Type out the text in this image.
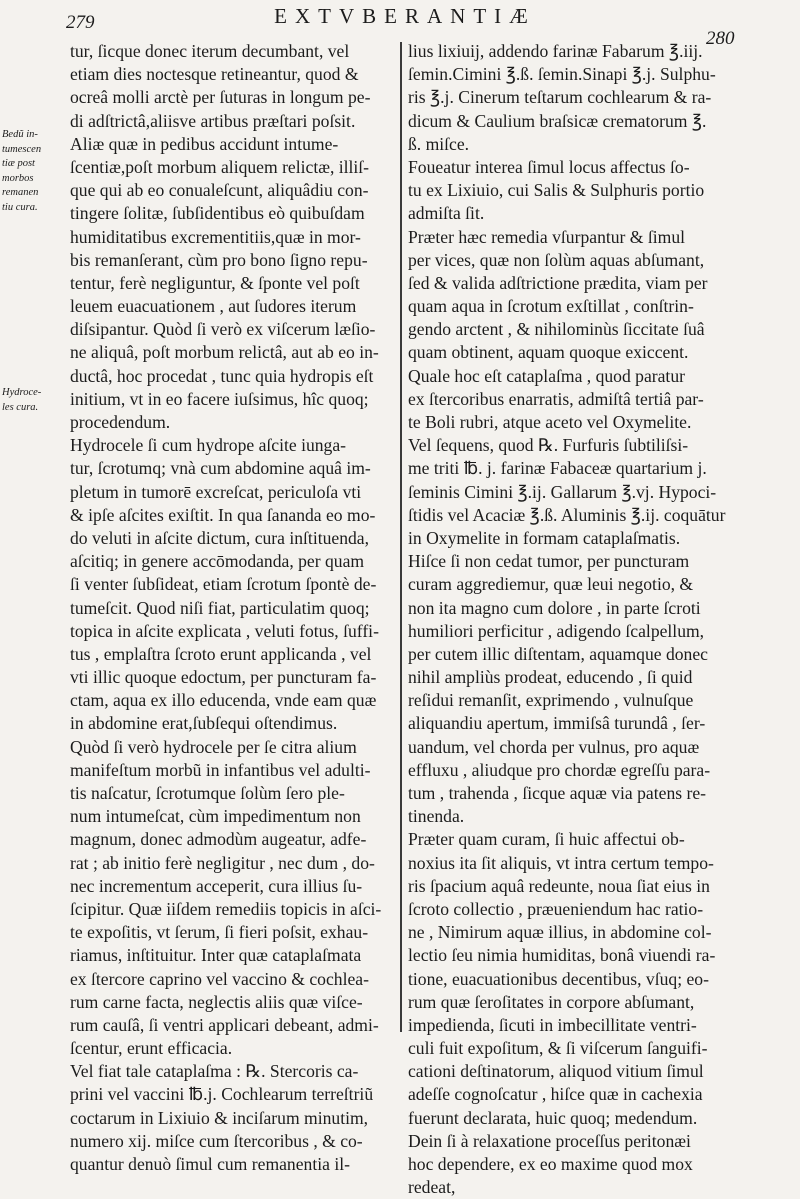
279	EXTVBERANTIÆ
280
Bedũ in-
tumescen
tiæ post
morbos
remanen
tiu cura.
Hydroce-
les cura.
tur, ſicque donec iterum decumbant, vel
etiam dies noctesque retineantur, quod &
ocreâ molli arctè per ſuturas in longum pe-
di adſtrictâ,aliisve artibus præſtari poſsit.
Aliæ quæ in pedibus accidunt intume-
ſcentiæ,poſt morbum aliquem relictæ, illiſ-
que qui ab eo conualeſcunt, aliquâdiu con-
tingere ſolitæ, ſubſidentibus eò quibuſdam
humiditatibus excrementitiis,quæ in mor-
bis remanſerant, cùm pro bono ſigno repu-
tentur, ferè negliguntur, & ſponte vel poſt
leuem euacuationem , aut ſudores iterum
diſsipantur. Quòd ſi verò ex viſcerum læſio-
ne aliquâ, poſt morbum relictâ, aut ab eo in-
ductâ, hoc procedat , tunc quia hydropis eſt
initium, vt in eo facere iuſsimus, hîc quoq;
procedendum.
Hydrocele ſi cum hydrope aſcite iunga-
tur, ſcrotumq; vnà cum abdomine aquâ im-
pletum in tumorē excreſcat, periculoſa vti
& ipſe aſcites exiſtit. In qua ſananda eo mo-
do veluti in aſcite dictum, cura inſtituenda,
aſcitiq; in genere accōmodanda, per quam
ſi venter ſubſideat, etiam ſcrotum ſpontè de-
tumeſcit. Quod niſi fiat, particulatim quoq;
topica in aſcite explicata , veluti fotus, ſuffi-
tus , emplaſtra ſcroto erunt applicanda , vel
vti illic quoque edoctum, per puncturam fa-
ctam, aqua ex illo educenda, vnde eam quæ
in abdomine erat,ſubſequi oſtendimus.
Quòd ſi verò hydrocele per ſe citra alium
manifeſtum morbũ in infantibus vel adulti-
tis naſcatur, ſcrotumque ſolùm ſero ple-
num intumeſcat, cùm impedimentum non
magnum, donec admodùm augeatur, adfe-
rat ; ab initio ferè negligitur , nec dum , do-
nec incrementum acceperit, cura illius ſu-
ſcipitur. Quæ iiſdem remediis topicis in aſci-
te expoſitis, vt ſerum, ſi fieri poſsit, exhau-
riamus, inſtituitur. Inter quæ cataplaſmata
ex ſtercore caprino vel vaccino & cochlea-
rum carne facta, neglectis aliis quæ viſce-
rum cauſâ, ſi ventri applicari debeant, admi-
ſcentur, erunt efficacia.
Vel fiat tale cataplaſma : ℞. Stercoris ca-
prini vel vaccini ℔.j. Cochlearum terreſtriũ
coctarum in Lixiuio & inciſarum minutim,
numero xij. miſce cum ſtercoribus , & co-
quantur denuò ſimul cum remanentia il-
lius lixiuij, addendo farinæ Fabarum ℥.iij.
ſemin.Cimini ℥.ß. ſemin.Sinapi ℥.j. Sulphu-
ris ℥.j. Cinerum teſtarum cochlearum & ra-
dicum & Caulium braſsicæ crematorum ℥.
ß. miſce.
Foueatur interea ſimul locus affectus ſo-
tu ex Lixiuio, cui Salis & Sulphuris portio
admiſta ſit.
Præter hæc remedia vſurpantur & ſimul
per vices, quæ non ſolùm aquas abſumant,
ſed & valida adſtrictione prædita, viam per
quam aqua in ſcrotum exſtillat , conſtrin-
gendo arctent , & nihilominùs ſiccitate ſuâ
quam obtinent, aquam quoque exiccent.
Quale hoc eſt cataplaſma , quod paratur
ex ſtercoribus enarratis, admiſtâ tertiâ par-
te Boli rubri, atque aceto vel Oxymelite.
Vel ſequens, quod ℞. Furfuris ſubtiliſsi-
me triti ℔. j. farinæ Fabaceæ quartarium j.
ſeminis Cimini ℥.ij. Gallarum ℥.vj. Hypoci-
ſtidis vel Acaciæ ℥.ß. Aluminis ℥.ij. coquātur
in Oxymelite in formam cataplaſmatis.
Hiſce ſi non cedat tumor, per puncturam
curam aggrediemur, quæ leui negotio, &
non ita magno cum dolore , in parte ſcroti
humiliori perficitur , adigendo ſcalpellum,
per cutem illic diſtentam, aquamque donec
nihil ampliùs prodeat, educendo , ſi quid
reſidui remanſit, exprimendo , vulnuſque
aliquandiu apertum, immiſsâ turundâ , ſer-
uandum, vel chorda per vulnus, pro aquæ
effluxu , aliudque pro chordæ egreſſu para-
tum , trahenda , ſicque aquæ via patens re-
tinenda.
Præter quam curam, ſi huic affectui ob-
noxius ita ſit aliquis, vt intra certum tempo-
ris ſpacium aquâ redeunte, noua ſiat eius in
ſcroto collectio , præueniendum hac ratio-
ne , Nimirum aquæ illius, in abdomine col-
lectio ſeu nimia humiditas, bonâ viuendi ra-
tione, euacuationibus decentibus, vſuq; eo-
rum quæ ſeroſitates in corpore abſumant,
impedienda, ſicuti in imbecillitate ventri-
culi fuit expoſitum, & ſi viſcerum ſanguifi-
cationi deſtinatorum, aliquod vitium ſimul
adeſſe cognoſcatur , hiſce quæ in cachexia
fuerunt declarata, huic quoq; medendum.
Dein ſi à relaxatione proceſſus peritonæi
hoc dependere, ex eo maxime quod mox
redeat,
